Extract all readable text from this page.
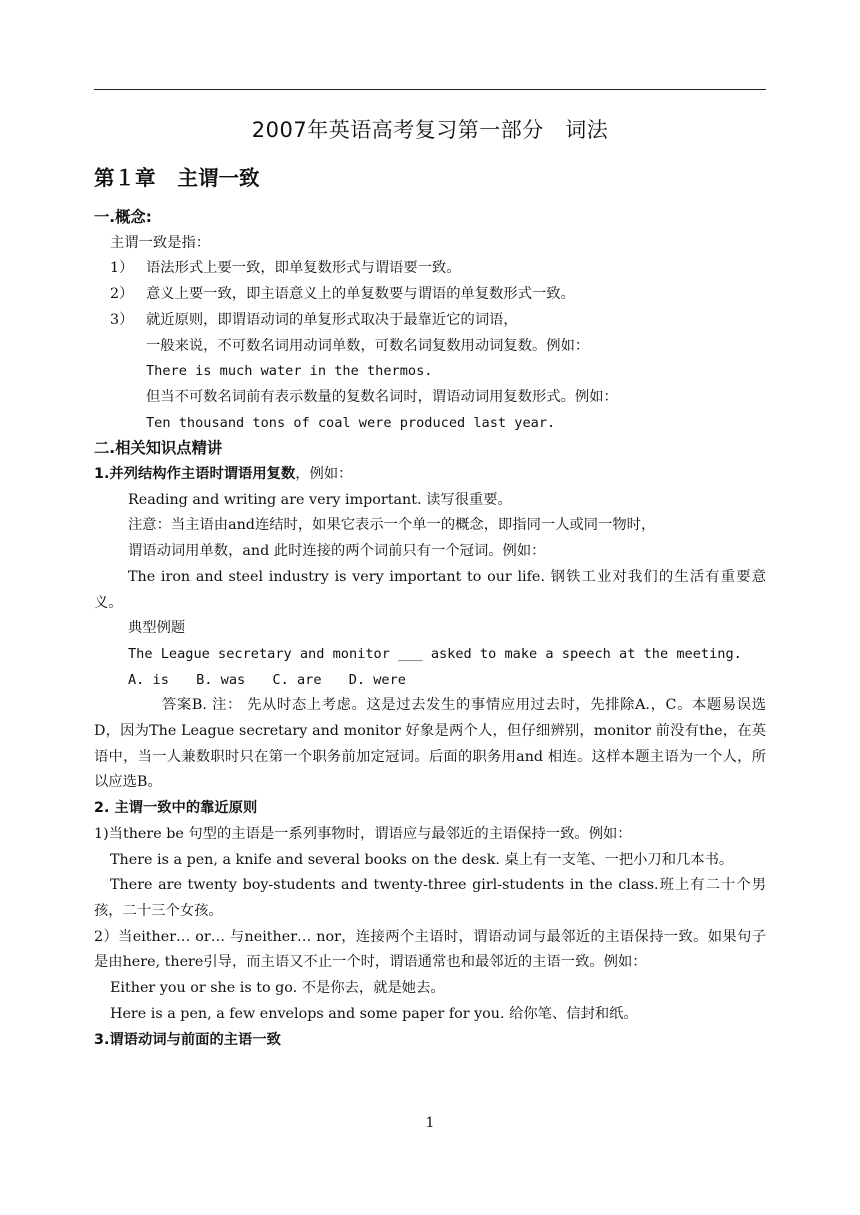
2007年英语高考复习第一部分　词法
第１章 主谓一致
一.概念:
主谓一致是指：
1） 语法形式上要一致，即单复数形式与谓语要一致。
2） 意义上要一致，即主语意义上的单复数要与谓语的单复数形式一致。
3） 就近原则，即谓语动词的单复形式取决于最靠近它的词语，
一般来说，不可数名词用动词单数，可数名词复数用动词复数。例如：
There is much water in the thermos.
但当不可数名词前有表示数量的复数名词时，谓语动词用复数形式。例如：
Ten thousand tons of coal were produced last year.
二.相关知识点精讲
1.并列结构作主语时谓语用复数，例如：
Reading and writing are very important. 读写很重要。
注意：当主语由and连结时，如果它表示一个单一的概念，即指同一人或同一物时，
谓语动词用单数，and 此时连接的两个词前只有一个冠词。例如：
The iron and steel industry is very important to our life. 钢铁工业对我们的生活有重要意义。
典型例题
The League secretary and monitor ___ asked to make a speech at the meeting.
A. is　　B. was　　C. are　　D. were
答案B. 注： 先从时态上考虑。这是过去发生的事情应用过去时，先排除A.，C。本题易误选D，因为The League secretary and monitor 好象是两个人，但仔细辨别，monitor 前没有the，在英语中，当一人兼数职时只在第一个职务前加定冠词。后面的职务用and 相连。这样本题主语为一个人，所以应选B。
2. 主谓一致中的靠近原则
1)当there be 句型的主语是一系列事物时，谓语应与最邻近的主语保持一致。例如：
There is a pen, a knife and several books on the desk. 桌上有一支笔、一把小刀和几本书。
There are twenty boy-students and twenty-three girl-students in the class.班上有二十个男孩，二十三个女孩。
2）当either… or… 与neither… nor，连接两个主语时，谓语动词与最邻近的主语保持一致。如果句子是由here, there引导，而主语又不止一个时，谓语通常也和最邻近的主语一致。例如：
Either you or she is to go. 不是你去，就是她去。
Here is a pen, a few envelops and some paper for you. 给你笔、信封和纸。
3.谓语动词与前面的主语一致
1
